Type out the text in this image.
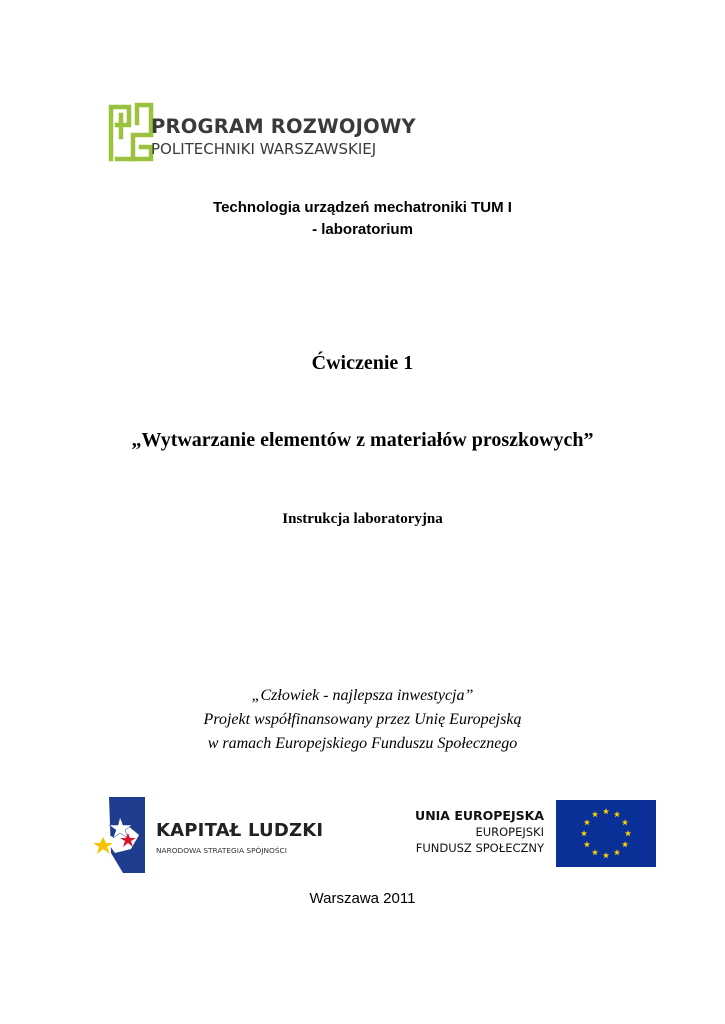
PROGRAM ROZWOJOWY
POLITECHNIKI WARSZAWSKIEJ
Technologia urządzeń mechatroniki TUM I
- laboratorium
Ćwiczenie 1
„Wytwarzanie elementów z materiałów proszkowych”
Instrukcja laboratoryjna
„Człowiek - najlepsza inwestycja”
Projekt współfinansowany przez Unię Europejską
w ramach Europejskiego Funduszu Społecznego
KAPITAŁ LUDZKI
NARODOWA STRATEGIA SPÓJNOŚCI
UNIA EUROPEJSKA
EUROPEJSKI
FUNDUSZ SPOŁECZNY
Warszawa 2011
